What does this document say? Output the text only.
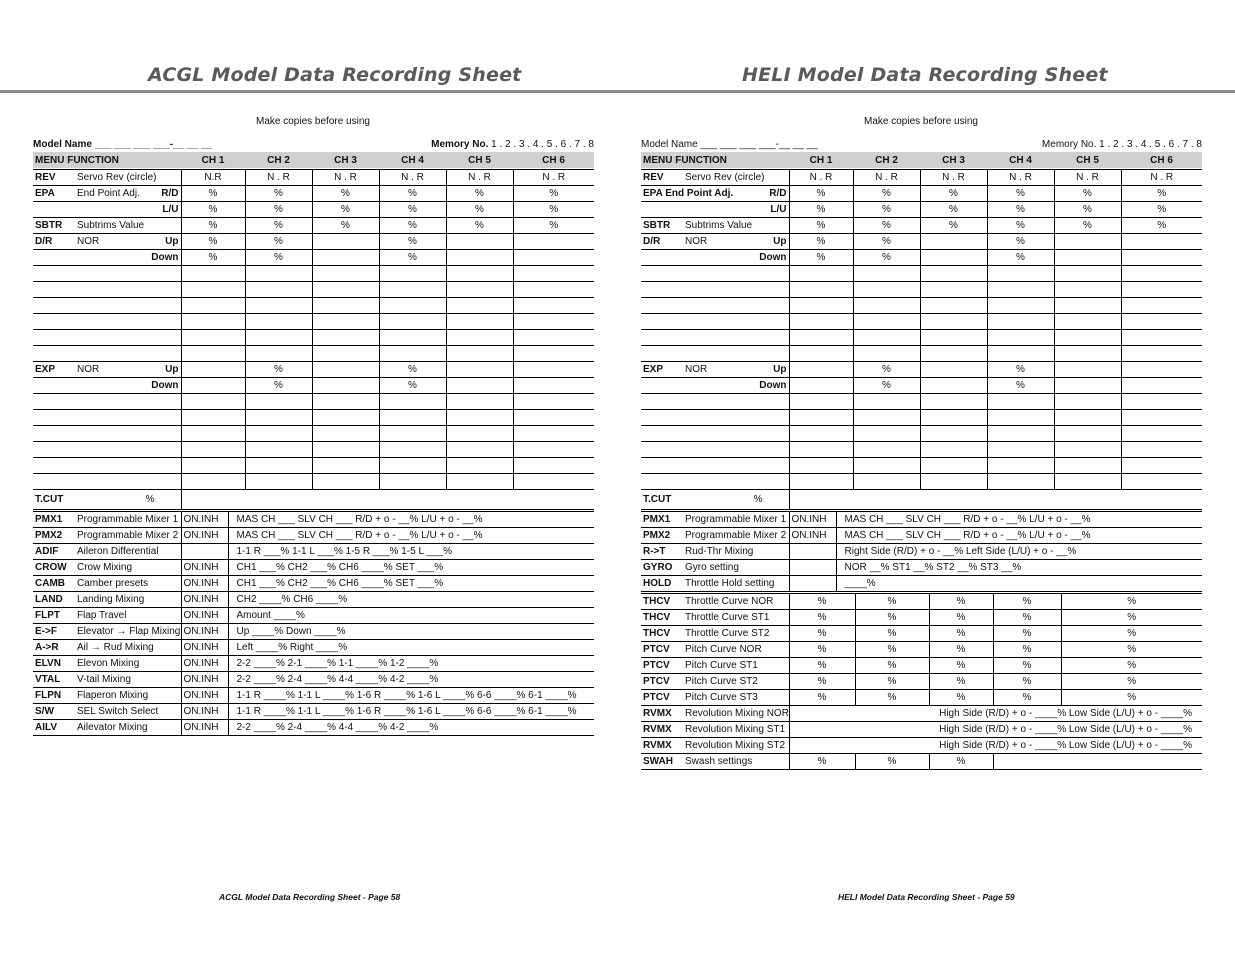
ACGL Model Data Recording Sheet	HELI Model Data Recording Sheet
Make copies before using	Make copies before using
Model Name ___ ___ ___ ___-__ __ __	Memory No. 1 . 2 . 3 . 4 . 5 . 6 . 7 . 8
MENU FUNCTION			CH 1	CH 2	CH 3	CH 4	CH 5	CH 6

REV	Servo Rev (circle)		N.R	N . R	N . R	N . R	N . R	N . R
EPA	End Point Adj.	R/D	%	%	%	%	%	%
		L/U	%	%	%	%	%	%
SBTR	Subtrims Value		%	%	%	%	%	%
D/R	NOR	Up	%	%		%		
		Down	%	%		%		

EXP	NOR	Up		%		%		
		Down		%		%		

T.CUT	%							

PMX1	Programmable Mixer 1	ON.INH	MAS CH ___ SLV CH ___ R/D + o - __% L/U + o - __%
PMX2	Programmable Mixer 2	ON.INH	MAS CH ___ SLV CH ___ R/D + o - __% L/U + o - __%
ADIF	Aileron Differential		1-1 R ___% 1-1 L ___% 1-5 R ___% 1-5 L ___%
CROW	Crow Mixing	ON.INH	CH1 ___% CH2 ___% CH6 ____% SET ___%
CAMB	Camber presets	ON.INH	CH1 ___% CH2 ___% CH6 ____% SET ___%
LAND	Landing Mixing	ON.INH	CH2 ____% CH6 ____%
FLPT	Flap Travel	ON.INH	Amount ____%
E->F	Elevator → Flap Mixing	ON.INH	Up ____% Down ____%
A->R	Ail → Rud Mixing	ON.INH	Left ____% Right ____%
ELVN	Elevon Mixing	ON.INH	2-2 ____% 2-1 ____% 1-1 ____% 1-2 ____%
VTAL	V-tail Mixing	ON.INH	2-2 ____% 2-4 ____% 4-4 ____% 4-2 ____%
FLPN	Flaperon Mixing	ON.INH	1-1 R ____% 1-1 L ____% 1-6 R ____% 1-6 L ____% 6-6 ____% 6-1 ____%
S/W	SEL Switch Select	ON.INH	1-1 R ____% 1-1 L ____% 1-6 R ____% 1-6 L ____% 6-6 ____% 6-1 ____%
AILV	Ailevator Mixing	ON.INH	2-2 ____% 2-4 ____% 4-4 ____% 4-2 ____%
Model Name ___ ___ ___ ___-__ __ __	Memory No. 1 . 2 . 3 . 4 . 5 . 6 . 7 . 8
MENU FUNCTION			CH 1	CH 2	CH 3	CH 4	CH 5	CH 6

REV	Servo Rev (circle)		N . R	N . R	N . R	N . R	N . R	N . R
EPA End Point Adj.		R/D	%	%	%	%	%	%
		L/U	%	%	%	%	%	%
SBTR	Subtrims Value		%	%	%	%	%	%
D/R	NOR	Up	%	%		%		
		Down	%	%		%		

EXP	NOR	Up		%		%		
		Down		%		%		

T.CUT	%							

PMX1	Programmable Mixer 1	ON.INH	MAS CH ___ SLV CH ___ R/D + o - __% L/U + o - __%
PMX2	Programmable Mixer 2	ON.INH	MAS CH ___ SLV CH ___ R/D + o - __% L/U + o - __%
R->T	Rud-Thr Mixing		Right Side (R/D) + o - __% Left Side (L/U) + o - __%
GYRO	Gyro setting		NOR __% ST1 __% ST2 __% ST3 __%
HOLD	Throttle Hold setting		____%

THCV	Throttle Curve NOR	%	%	%	%	%
THCV	Throttle Curve ST1	%	%	%	%	%
THCV	Throttle Curve ST2	%	%	%	%	%
PTCV	Pitch Curve NOR	%	%	%	%	%
PTCV	Pitch Curve ST1	%	%	%	%	%
PTCV	Pitch Curve ST2	%	%	%	%	%
PTCV	Pitch Curve ST3	%	%	%	%	%
RVMX	Revolution Mixing NOR	High Side (R/D) + o - ____% Low Side (L/U) + o - ____%				
RVMX	Revolution Mixing ST1	High Side (R/D) + o - ____% Low Side (L/U) + o - ____%				
RVMX	Revolution Mixing ST2	High Side (R/D) + o - ____% Low Side (L/U) + o - ____%				
SWAH	Swash settings	%	%	%		
ACGL Model Data Recording Sheet - Page 58	HELI Model Data Recording Sheet - Page 59
